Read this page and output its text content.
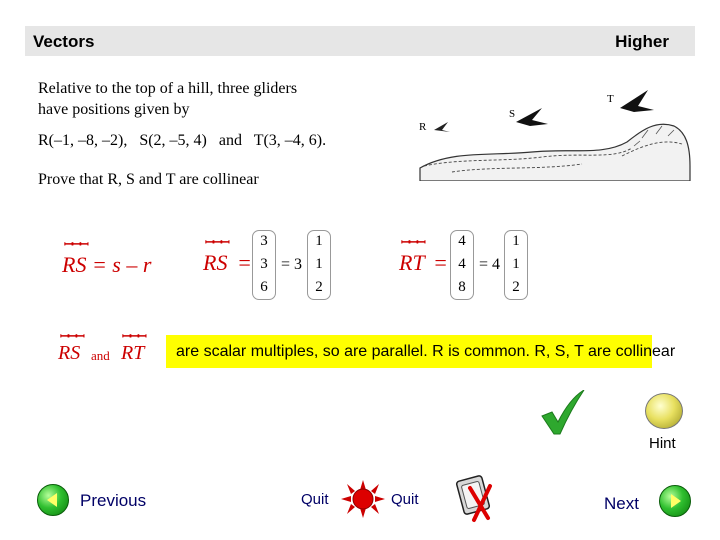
Vectors	Higher
Relative to the top of a hill, three gliders
have positions given by
R(–1, –8, –2),   S(2, –5, 4)   and   T(3, –4, 6).
Prove that R, S and T are collinear
R
S
T
ꟷꟷꟷ
RS = s – r
ꟷꟷꟷ
RS =
3
3
6
= 3
1
1
2
ꟷꟷꟷ
RT =
4
4
8
= 4
1
1
2
ꟷꟷꟷ	ꟷꟷꟷ
RS and RT are scalar multiples, so are parallel. R is common. R, S, T are collinear
Hint
Previous	Quit	Quit	Next
